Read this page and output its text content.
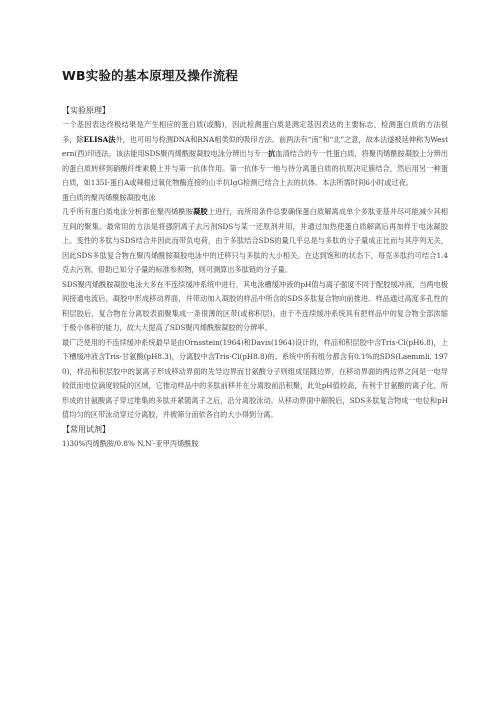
WB实验的基本原理及操作流程

【实验原理】

一个基因表达终极结果是产生相应的蛋白质(或酶)，因此检测蛋白质是测定基因表达的主要标志，检测蛋白质的方法很多，除ELISA法外，也可用与检测DNA和RNA相类似的吸印方法。前两法有“南”和“北”之意，故本法遂被延伸称为Western(西)印迹法，该法能用SDS聚丙烯酰胺凝胶电泳分辨出与专一抗血清结合的专一性蛋白质，将聚丙烯酰胺凝胶上分辨出的蛋白质转移到硝酸纤维素膜上并与第一抗体作用。第一抗体专一地与待分离蛋白质的抗原决定簇结合，然后用另一种蛋白质，如135I-蛋白A或辣根过氧化物酶连接的山羊抗IgG检测已结合上去的抗体。本法所需时间6小时或过夜。

蛋白质的聚丙烯酰胺凝胶电泳

几乎所有蛋白质电泳分析都在聚丙烯酰胺凝胶上进行，而所用条件总要确保蛋白质解离成单个多肽亚基并尽可能减少其相互间的聚集。最常用的方法是将强阴离子去污剂SDS与某一还原剂并用，并通过加热使蛋白质解离后再加样于电泳凝胶上。变性的多肽与SDS结合并因此而带负电荷，由于多肽结合SDS的量几乎总是与多肽的分子量成正比而与其序列无关，因此SDS多肽复合物在聚丙烯酰胺凝胶电泳中的迁移只与多肽的大小相关。在达到饱和的状态下，每克多肽约可结合1.4克去污剂，借助已知分子量的标准参照物，则可测算出多肽链的分子量。

SDS聚丙烯酰胺凝胶电泳大多在不连续缓冲系统中进行，其电泳槽缓冲液的pH值与离子强度不同于配胶缓冲液，当两电极间接通电流后，凝胶中形成移动界面，并带动加入凝胶的样品中所含的SDS多肽复合物向前推进。样品通过高度多孔性的积层胶后，复合物在分离胶表面聚集成一条很薄的区带(或称积层)。由于不连续缓冲系统具有把样品中的复合物全部浓缩于极小体积的能力，故大大提高了SDS聚丙烯酰胺凝胶的分辨率。

最广泛使用的不连续缓冲系统最早是由Ornsstein(1964)和Davis(1964)设计的，样品和积层胶中含Tris-Cl(pH6.8)，上下槽缓冲液含Tris-甘氨酸(pH8.3)，分离胶中含Tris-Cl(pH8.8)的。系统中所有组分都含有0.1%的SDS(Laemmli, 1970)，样品和积层胶中的氯离子形成移动界面的先导边界而甘氨酸分子则组成尾随边界，在移动界面的两边界之间是一电导较低而电位滴度较陡的区域，它推动样品中的多肽前移并在分离胶前沿积聚，此处pH值较高，有利于甘氨酸的离子化，所形成的甘氨酸离子穿过堆集的多肽并紧随离子之后，沿分离胶泳动。从移动界面中解脱后，SDS多肽复合物成一电位和pH值均匀的区带泳动穿过分离胶，并被筛分而依各自的大小得到分离。

【常用试剂】

1)30%丙烯酰胺/0.8% N,N′-亚甲丙烯酰胺
